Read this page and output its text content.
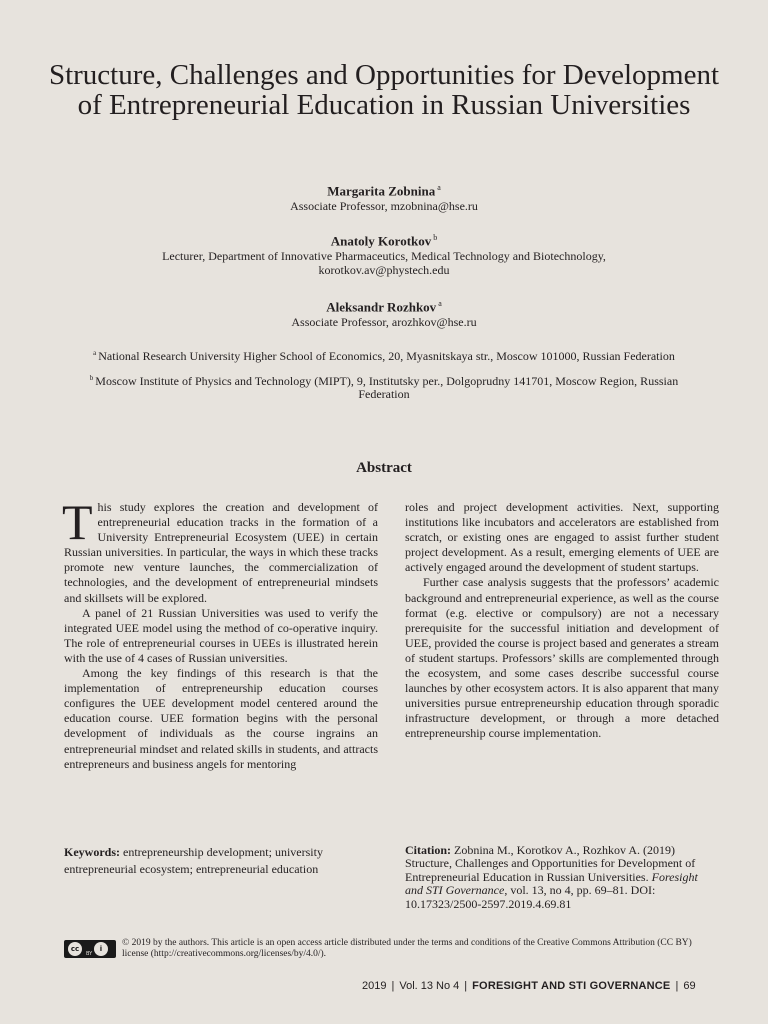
Structure, Challenges and Opportunities for Development of Entrepreneurial Education in Russian Universities
Margarita Zobnina $^a$
Associate Professor, mzobnina@hse.ru
Anatoly Korotkov $^b$
Lecturer, Department of Innovative Pharmaceutics, Medical Technology and Biotechnology,
korotkov.av@phystech.edu
Aleksandr Rozhkov $^a$
Associate Professor, arozhkov@hse.ru
$^a$ National Research University Higher School of Economics, 20, Myasnitskaya str., Moscow 101000, Russian Federation
$^b$ Moscow Institute of Physics and Technology (MIPT), 9, Institutsky per., Dolgoprudny 141701, Moscow Region, Russian Federation
Abstract

This study explores the creation and development of entrepreneurial education tracks in the formation of a University Entrepreneurial Ecosystem (UEE) in certain Russian universities. In particular, the ways in which these tracks promote new venture launches, the commercialization of technologies, and the development of entrepreneurial mindsets and skillsets will be explored.

A panel of 21 Russian Universities was used to verify the integrated UEE model using the method of co-operative inquiry. The role of entrepreneurial courses in UEEs is illustrated herein with the use of 4 cases of Russian universities.

Among the key findings of this research is that the implementation of entrepreneurship education courses configures the UEE development model centered around the education course. UEE formation begins with the personal development of individuals as the course ingrains an entrepreneurial mindset and related skills in students, and attracts entrepreneurs and business angels for mentoring

roles and project development activities. Next, supporting institutions like incubators and accelerators are established from scratch, or existing ones are engaged to assist further student project development. As a result, emerging elements of UEE are actively engaged around the development of student startups.

Further case analysis suggests that the professors’ academic background and entrepreneurial experience, as well as the course format (e.g. elective or compulsory) are not a necessary prerequisite for the successful initiation and development of UEE, provided the course is project based and generates a stream of student startups. Professors’ skills are complemented through the ecosystem, and some cases describe successful course launches by other ecosystem actors. It is also apparent that many universities pursue entrepreneurship education through sporadic infrastructure development, or through a more detached entrepreneurship course implementation.

Keywords: entrepreneurship development; university entrepreneurial ecosystem; entrepreneurial education
Citation: Zobnina M., Korotkov A., Rozhkov A. (2019) Structure, Challenges and Opportunities for Development of Entrepreneurial Education in Russian Universities. Foresight and STI Governance, vol. 13, no 4, pp. 69–81. DOI: 10.17323/2500-2597.2019.4.69.81
cc
BY
i
© 2019 by the authors. This article is an open access article distributed under the terms and conditions of the Creative Commons Attribution (CC BY) license (http://creativecommons.org/licenses/by/4.0/).
2019 | Vol. 13 No 4 | FORESIGHT AND STI GOVERNANCE | 69
